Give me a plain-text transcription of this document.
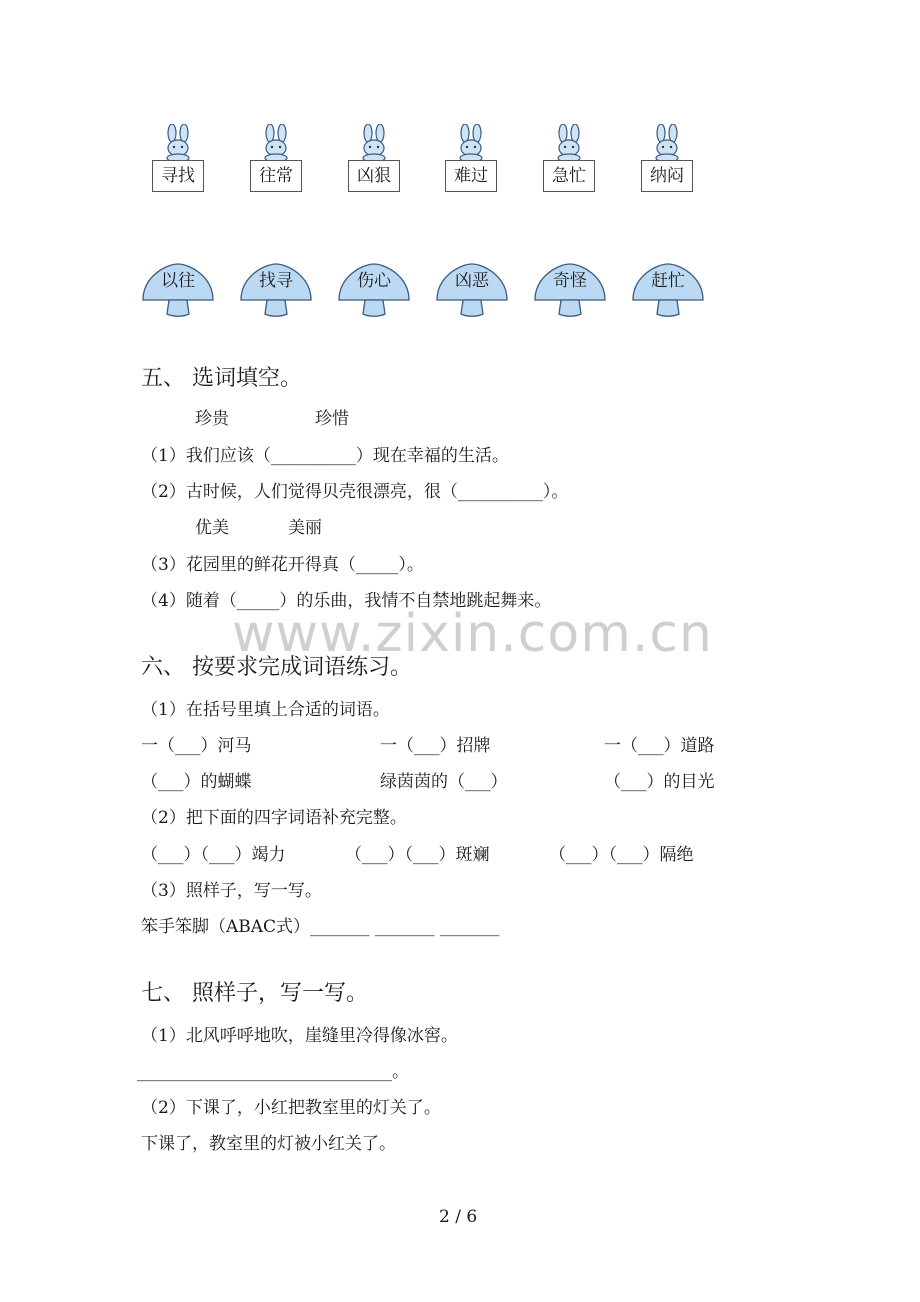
寻找	往常	凶狠	难过	急忙	纳闷
以往	找寻	伤心	凶恶	奇怪	赶忙
五、 选词填空。
珍贵	珍惜
（1）我们应该（__________）现在幸福的生活。
（2）古时候，人们觉得贝壳很漂亮，很（__________）。
优美	美丽
（3）花园里的鲜花开得真（_____）。
（4）随着（_____）的乐曲，我情不自禁地跳起舞来。
www.zixin.com.cn
六、 按要求完成词语练习。
（1）在括号里填上合适的词语。
一（___）河马	一（___）招牌	一（___）道路
（___）的蝴蝶	绿茵茵的（___）	（___）的目光
（2）把下面的四字词语补充完整。
（___）（___）竭力	（___）（___）斑斓	（___）（___）隔绝
（3）照样子，写一写。
笨手笨脚（ABAC式）_______ _______ _______
七、 照样子，写一写。
（1）北风呼呼地吹，崖缝里冷得像冰窖。
______________________________。
（2）下课了，小红把教室里的灯关了。
下课了，教室里的灯被小红关了。
2 / 6
